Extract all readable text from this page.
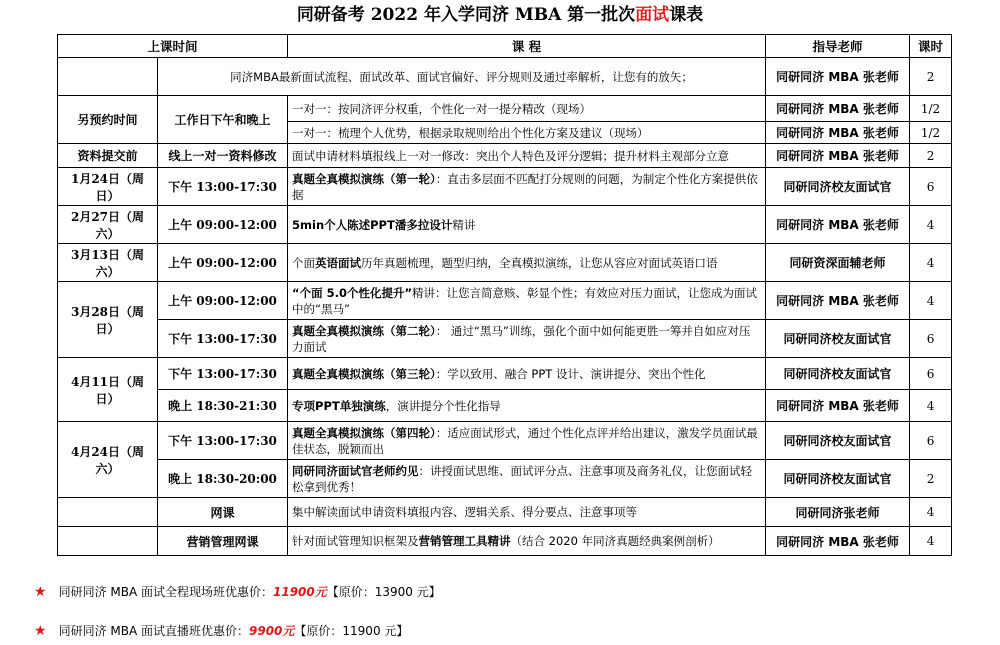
同研备考 2022 年入学同济 MBA 第一批次面试课表
上课时间		课 程	指导老师	课时
	同济MBA最新面试流程、面试改革、面试官偏好、评分规则及通过率解析，让您有的放矢；		同研同济 MBA 张老师	2
另预约时间	工作日下午和晚上	一对一：按同济评分权重，个性化一对一提分精改（现场）	同研同济 MBA 张老师	1/2
		一对一：梳理个人优势，根据录取规则给出个性化方案及建议（现场）	同研同济 MBA 张老师	1/2
资料提交前	线上一对一资料修改	面试申请材料填报线上一对一修改：突出个人特色及评分逻辑；提升材料主观部分立意	同研同济 MBA 张老师	2
1月24日（周日）	下午 13:00-17:30	真题全真模拟演练（第一轮）：直击多层面不匹配打分规则的问题，为制定个性化方案提供依据	同研同济校友面试官	6
2月27日（周六）	上午 09:00-12:00	5min个人陈述PPT潘多拉设计精讲	同研同济 MBA 张老师	4
3月13日（周六）	上午 09:00-12:00	个面英语面试历年真题梳理，题型归纳，全真模拟演练，让您从容应对面试英语口语	同研资深面辅老师	4
3月28日（周日）	上午 09:00-12:00	“个面 5.0个性化提升”精讲：让您言简意赅、彰显个性；有效应对压力面试，让您成为面试中的“黑马”	同研同济 MBA 张老师	4
	下午 13:00-17:30	真题全真模拟演练（第二轮）： 通过“黑马”训练，强化个面中如何能更胜一筹并自如应对压力面试	同研同济校友面试官	6
4月11日（周日）	下午 13:00-17:30	真题全真模拟演练（第三轮）：学以致用、融合 PPT 设计、演讲提分、突出个性化	同研同济校友面试官	6
	晚上 18:30-21:30	专项PPT单独演练，演讲提分个性化指导	同研同济 MBA 张老师	4
4月24日（周六）	下午 13:00-17:30	真题全真模拟演练（第四轮）：适应面试形式，通过个性化点评并给出建议，激发学员面试最佳状态，脱颖而出	同研同济校友面试官	6
	晚上 18:30-20:00	同研同济面试官老师约见：讲授面试思维、面试评分点、注意事项及商务礼仪，让您面试轻松拿到优秀！	同研同济校友面试官	2
	网课	集中解读面试申请资料填报内容、逻辑关系、得分要点、注意事项等	同研同济张老师	4
	营销管理网课	针对面试管理知识框架及营销管理工具精讲（结合 2020 年同济真题经典案例剖析）	同研同济 MBA 张老师	4
★ 同研同济 MBA 面试全程现场班优惠价：11900元【原价：13900 元】
★ 同研同济 MBA 面试直播班优惠价：9900元【原价：11900 元】
